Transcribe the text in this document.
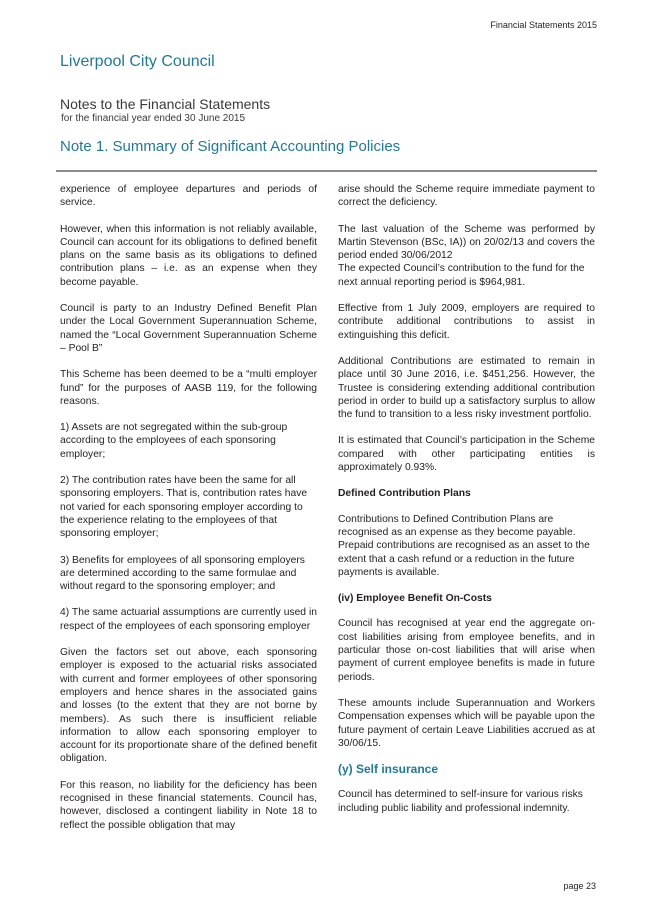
Financial Statements 2015
Liverpool City Council
Notes to the Financial Statements
for the financial year ended 30 June 2015
Note 1. Summary of Significant Accounting Policies

experience of employee departures and periods of service.

However, when this information is not reliably available, Council can account for its obligations to defined benefit plans on the same basis as its obligations to defined contribution plans – i.e. as an expense when they become payable.

Council is party to an Industry Defined Benefit Plan under the Local Government Superannuation Scheme, named the “Local Government Superannuation Scheme – Pool B”

This Scheme has been deemed to be a “multi employer fund” for the purposes of AASB 119, for the following reasons.

1) Assets are not segregated within the sub-group according to the employees of each sponsoring employer;

2) The contribution rates have been the same for all sponsoring employers. That is, contribution rates have not varied for each sponsoring employer according to the experience relating to the employees of that sponsoring employer;

3) Benefits for employees of all sponsoring employers are determined according to the same formulae and without regard to the sponsoring employer; and

4) The same actuarial assumptions are currently used in respect of the employees of each sponsoring employer

Given the factors set out above, each sponsoring employer is exposed to the actuarial risks associated with current and former employees of other sponsoring employers and hence shares in the associated gains and losses (to the extent that they are not borne by members). As such there is insufficient reliable information to allow each sponsoring employer to account for its proportionate share of the defined benefit obligation.

For this reason, no liability for the deficiency has been recognised in these financial statements. Council has, however, disclosed a contingent liability in Note 18 to reflect the possible obligation that may

arise should the Scheme require immediate payment to correct the deficiency.

The last valuation of the Scheme was performed by Martin Stevenson (BSc, IA)) on 20/02/13 and covers the period ended 30/06/2012

The expected Council’s contribution to the fund for the next annual reporting period is $964,981.

Effective from 1 July 2009, employers are required to contribute additional contributions to assist in extinguishing this deficit.

Additional Contributions are estimated to remain in place until 30 June 2016, i.e. $451,256. However, the Trustee is considering extending additional contribution period in order to build up a satisfactory surplus to allow the fund to transition to a less risky investment portfolio.

It is estimated that Council’s participation in the Scheme compared with other participating entities is approximately 0.93%.

Defined Contribution Plans

Contributions to Defined Contribution Plans are recognised as an expense as they become payable. Prepaid contributions are recognised as an asset to the extent that a cash refund or a reduction in the future payments is available.

(iv) Employee Benefit On-Costs

Council has recognised at year end the aggregate on-cost liabilities arising from employee benefits, and in particular those on-cost liabilities that will arise when payment of current employee benefits is made in future periods.

These amounts include Superannuation and Workers Compensation expenses which will be payable upon the future payment of certain Leave Liabilities accrued as at 30/06/15.

(y) Self insurance

Council has determined to self-insure for various risks including public liability and professional indemnity.

page 23
